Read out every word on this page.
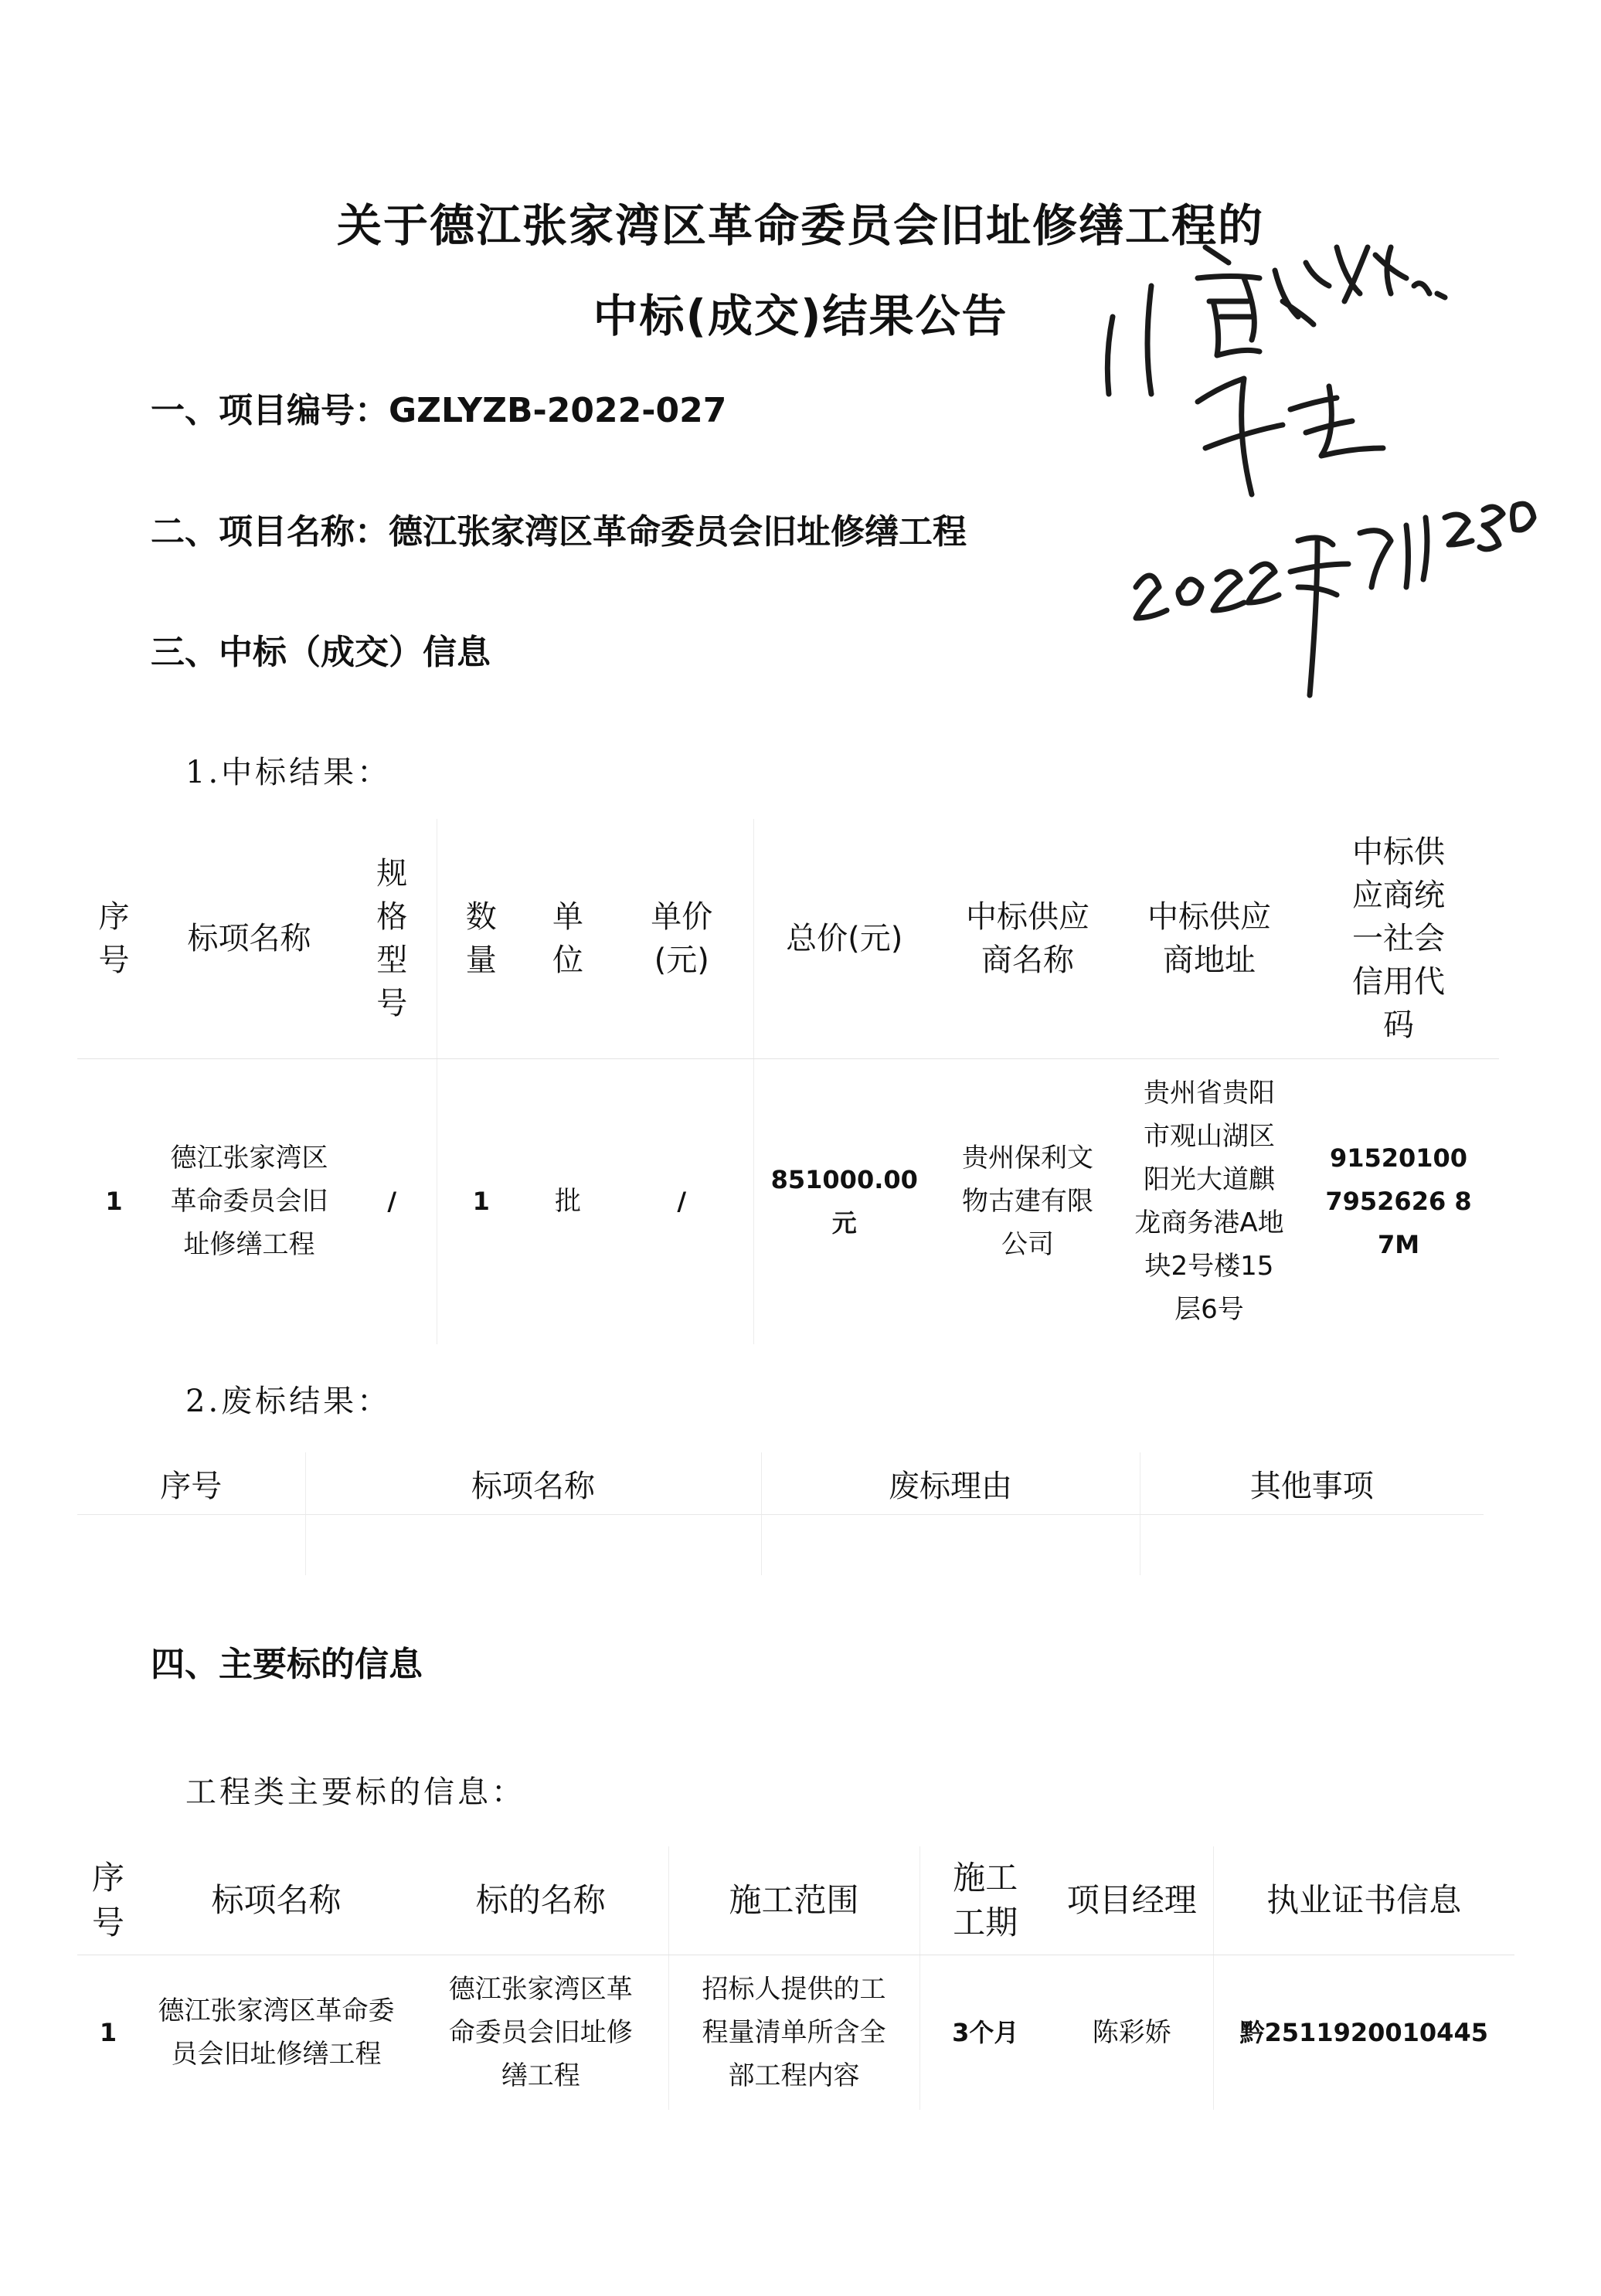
关于德江张家湾区革命委员会旧址修缮工程的
中标(成交)结果公告
一、项目编号：GZLYZB-2022-027
二、项目名称：德江张家湾区革命委员会旧址修缮工程
三、中标（成交）信息
1.中标结果：
序号	标项名称	规格型号	数量	单位	单价(元)	总价(元)	中标供应商名称	中标供应商地址	中标供应商统一社会信用代码
1	德江张家湾区革命委员会旧址修缮工程	/	1	批	/	851000.00元	贵州保利文物古建有限公司	贵州省贵阳市观山湖区阳光大道麒龙商务港A地块2号楼15层6号	915201007952626 87M
2.废标结果：
序号	标项名称	废标理由	其他事项

四、主要标的信息
工程类主要标的信息：
序号	标项名称	标的名称	施工范围	施工工期	项目经理	执业证书信息
1	德江张家湾区革命委员会旧址修缮工程	德江张家湾区革命委员会旧址修缮工程	招标人提供的工程量清单所含全部工程内容	3个月	陈彩娇	黔2511920010445
